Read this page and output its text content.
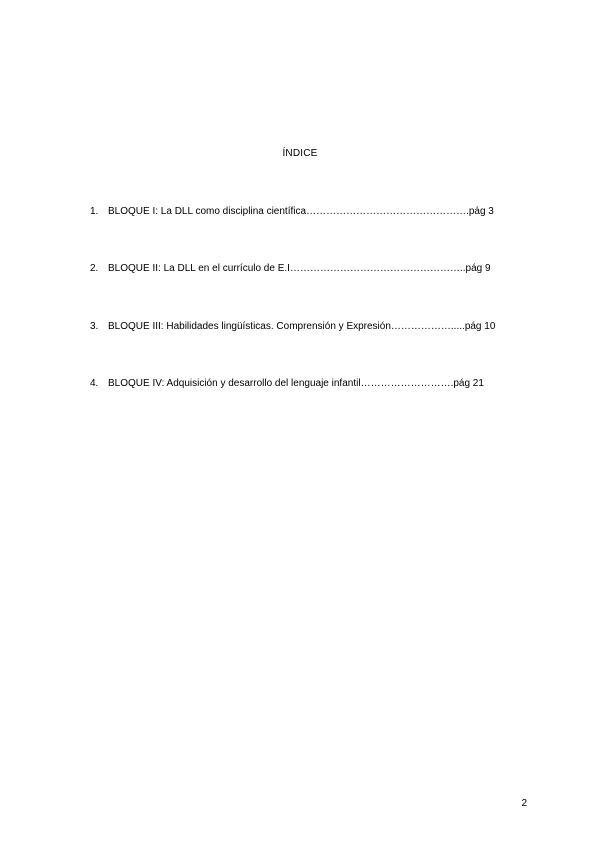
ÍNDICE
1. BLOQUE I: La DLL como disciplina científica………………………………………….pág 3
2. BLOQUE II: La DLL en el currículo de E.I……………………………………………..pág 9
3. BLOQUE III: Habilidades lingüísticas. Comprensión y Expresión……………….....pág 10
4. BLOQUE IV: Adquisición y desarrollo del lenguaje infantil……………………….pág 21
2
